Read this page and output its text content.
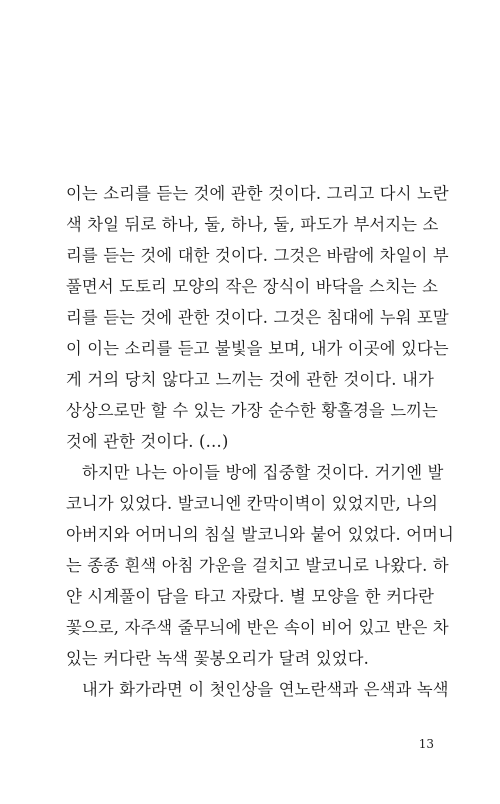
이는 소리를 듣는 것에 관한 것이다. 그리고 다시 노란
색 차일 뒤로 하나, 둘, 하나, 둘, 파도가 부서지는 소
리를 듣는 것에 대한 것이다. 그것은 바람에 차일이 부
풀면서 도토리 모양의 작은 장식이 바닥을 스치는 소
리를 듣는 것에 관한 것이다. 그것은 침대에 누워 포말
이 이는 소리를 듣고 불빛을 보며, 내가 이곳에 있다는
게 거의 당치 않다고 느끼는 것에 관한 것이다. 내가
상상으로만 할 수 있는 가장 순수한 황홀경을 느끼는
것에 관한 것이다. (…)
하지만 나는 아이들 방에 집중할 것이다. 거기엔 발
코니가 있었다. 발코니엔 칸막이벽이 있었지만, 나의
아버지와 어머니의 침실 발코니와 붙어 있었다. 어머니
는 종종 흰색 아침 가운을 걸치고 발코니로 나왔다. 하
얀 시계풀이 담을 타고 자랐다. 별 모양을 한 커다란
꽃으로, 자주색 줄무늬에 반은 속이 비어 있고 반은 차
있는 커다란 녹색 꽃봉오리가 달려 있었다.
내가 화가라면 이 첫인상을 연노란색과 은색과 녹색
13
